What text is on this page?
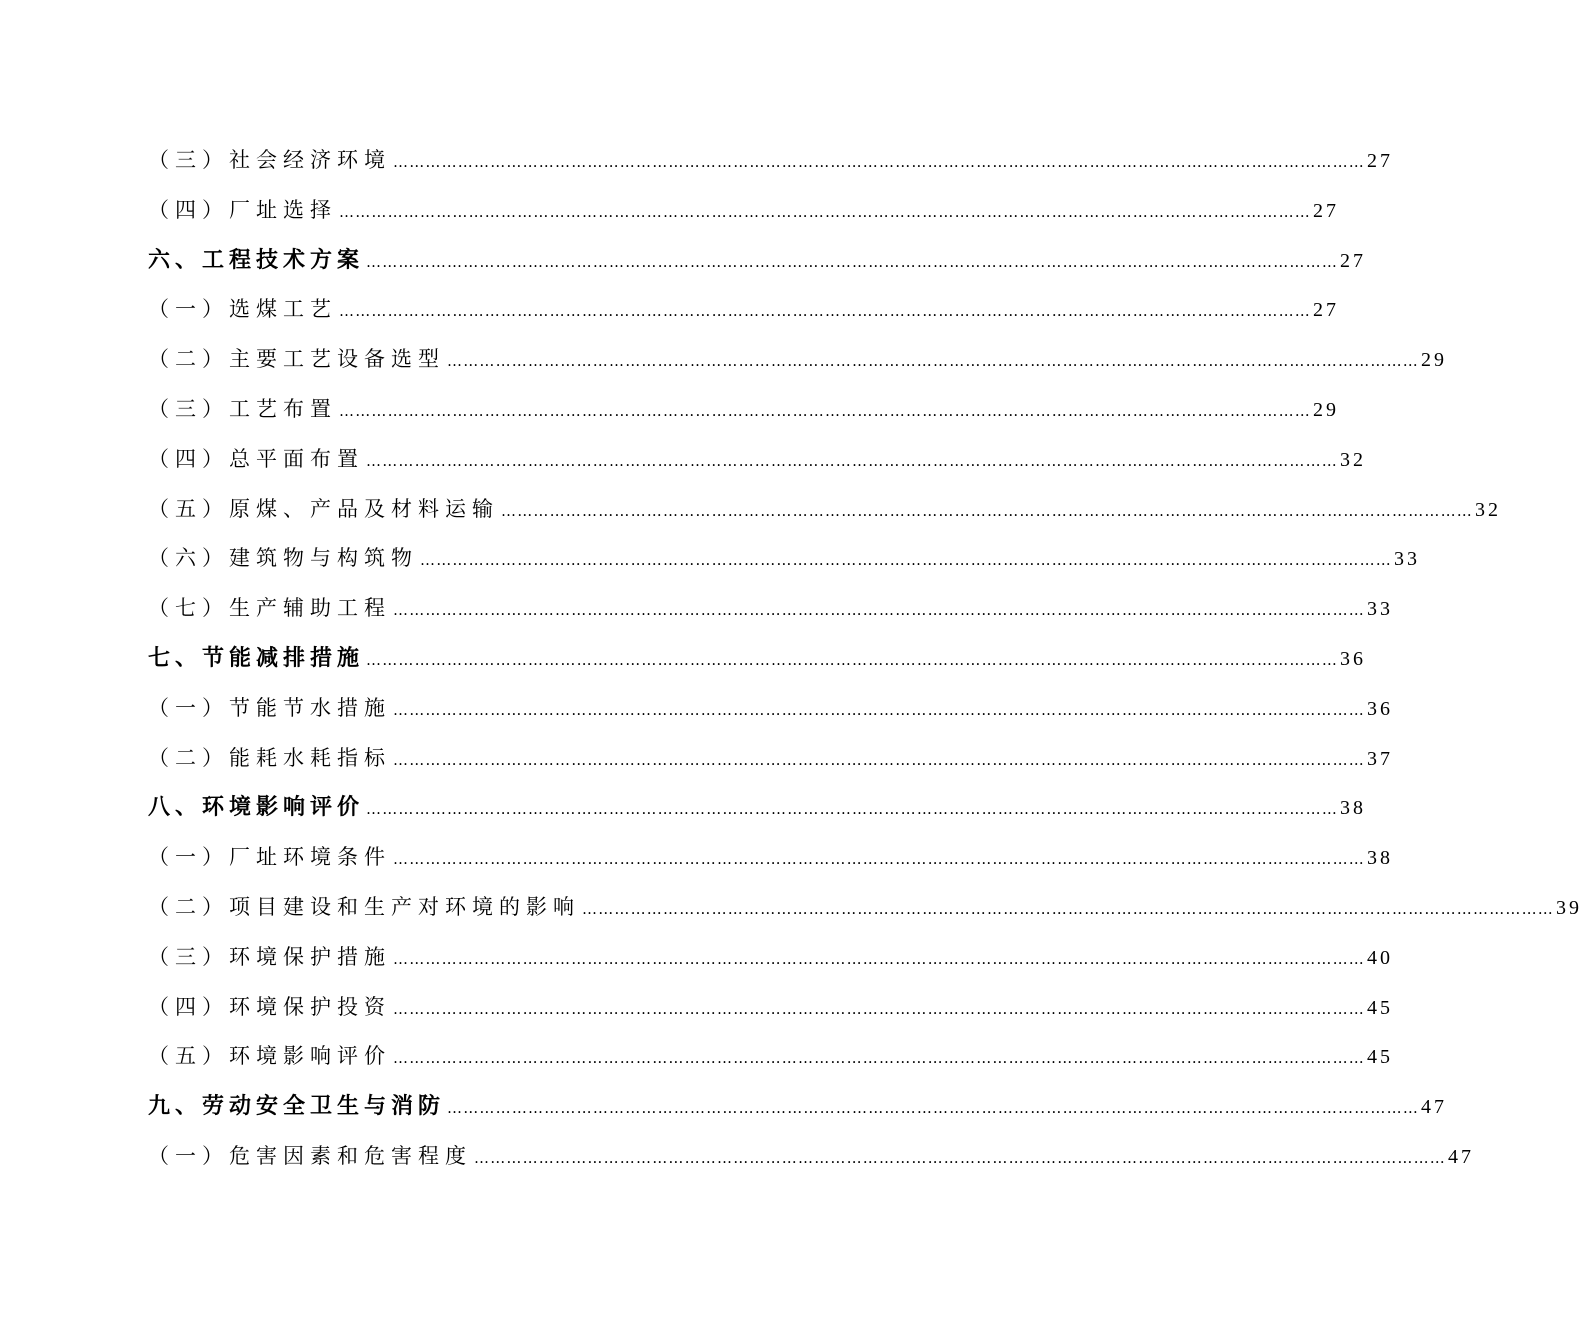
（三）社会经济环境 ……………………………………………………………………………………………………………………………………………………………… 27
（四）厂址选择 ……………………………………………………………………………………………………………………………………………………………… 27
六、工程技术方案 ……………………………………………………………………………………………………………………………………………………………… 27
（一）选煤工艺 ……………………………………………………………………………………………………………………………………………………………… 27
（二）主要工艺设备选型 ……………………………………………………………………………………………………………………………………………………………… 29
（三）工艺布置 ……………………………………………………………………………………………………………………………………………………………… 29
（四）总平面布置 ……………………………………………………………………………………………………………………………………………………………… 32
（五）原煤、产品及材料运输 ……………………………………………………………………………………………………………………………………………………………… 32
（六）建筑物与构筑物 ……………………………………………………………………………………………………………………………………………………………… 33
（七）生产辅助工程 ……………………………………………………………………………………………………………………………………………………………… 33
七、节能减排措施 ……………………………………………………………………………………………………………………………………………………………… 36
（一）节能节水措施 ……………………………………………………………………………………………………………………………………………………………… 36
（二）能耗水耗指标 ……………………………………………………………………………………………………………………………………………………………… 37
八、环境影响评价 ……………………………………………………………………………………………………………………………………………………………… 38
（一）厂址环境条件 ……………………………………………………………………………………………………………………………………………………………… 38
（二）项目建设和生产对环境的影响 ……………………………………………………………………………………………………………………………………………………………… 39
（三）环境保护措施 ……………………………………………………………………………………………………………………………………………………………… 40
（四）环境保护投资 ……………………………………………………………………………………………………………………………………………………………… 45
（五）环境影响评价 ……………………………………………………………………………………………………………………………………………………………… 45
九、劳动安全卫生与消防 ……………………………………………………………………………………………………………………………………………………………… 47
（一）危害因素和危害程度 ……………………………………………………………………………………………………………………………………………………………… 47
